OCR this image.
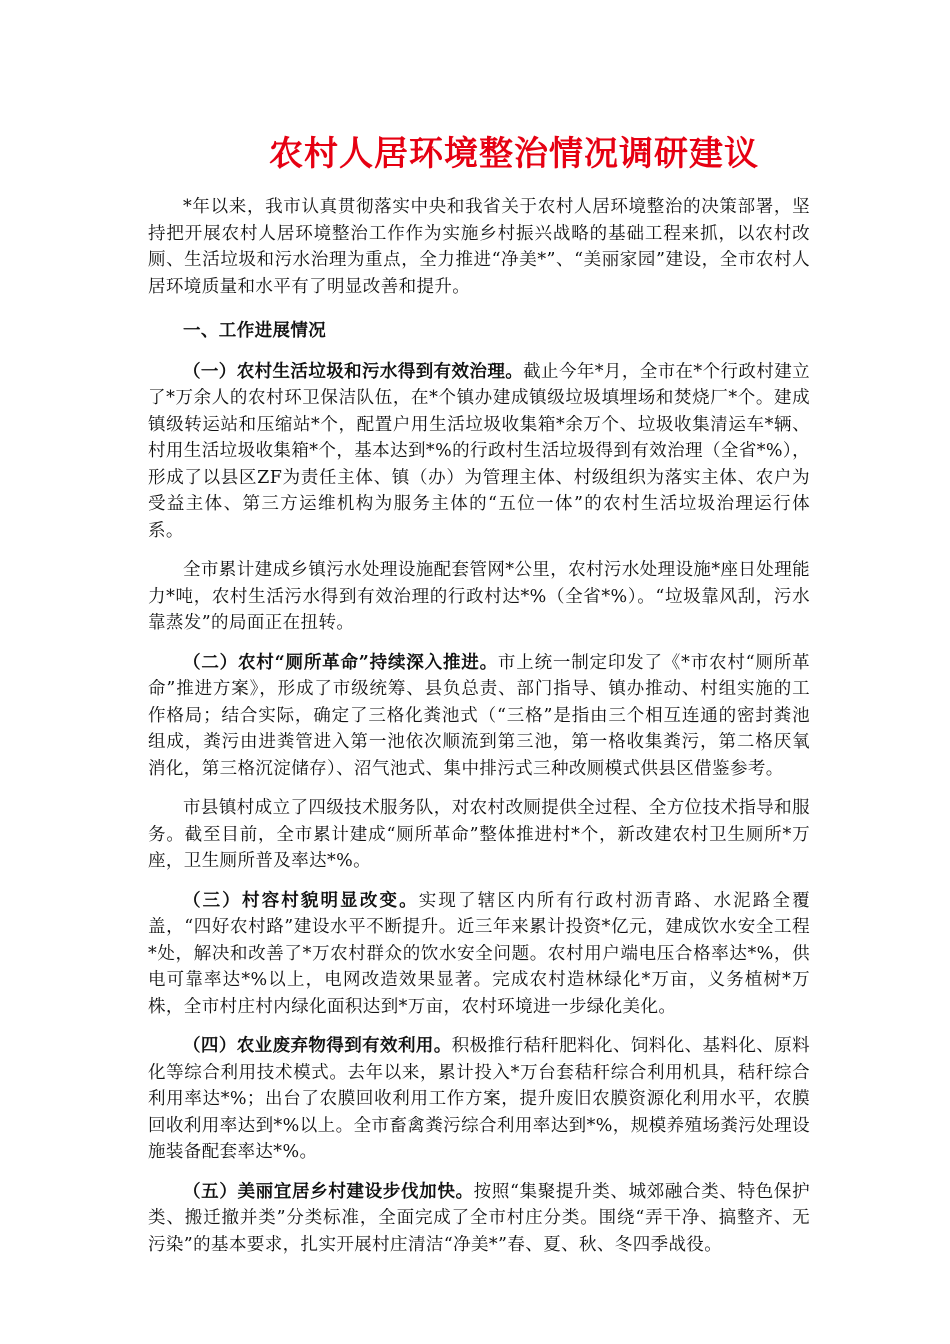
农村人居环境整治情况调研建议

*年以来，我市认真贯彻落实中央和我省关于农村人居环境整治的决策部署，坚持把开展农村人居环境整治工作作为实施乡村振兴战略的基础工程来抓，以农村改厕、生活垃圾和污水治理为重点，全力推进“净美*”、“美丽家园”建设，全市农村人居环境质量和水平有了明显改善和提升。

一、工作进展情况

（一）农村生活垃圾和污水得到有效治理。截止今年*月，全市在*个行政村建立了*万余人的农村环卫保洁队伍，在*个镇办建成镇级垃圾填埋场和焚烧厂*个。建成镇级转运站和压缩站*个，配置户用生活垃圾收集箱*余万个、垃圾收集清运车*辆、村用生活垃圾收集箱*个，基本达到*%的行政村生活垃圾得到有效治理（全省*%），形成了以县区ZF为责任主体、镇（办）为管理主体、村级组织为落实主体、农户为受益主体、第三方运维机构为服务主体的“五位一体”的农村生活垃圾治理运行体系。

全市累计建成乡镇污水处理设施配套管网*公里，农村污水处理设施*座日处理能力*吨，农村生活污水得到有效治理的行政村达*%（全省*%）。“垃圾靠风刮，污水靠蒸发”的局面正在扭转。

（二）农村“厕所革命”持续深入推进。市上统一制定印发了《*市农村“厕所革命”推进方案》，形成了市级统筹、县负总责、部门指导、镇办推动、村组实施的工作格局；结合实际，确定了三格化粪池式（“三格”是指由三个相互连通的密封粪池组成，粪污由进粪管进入第一池依次顺流到第三池，第一格收集粪污，第二格厌氧消化，第三格沉淀储存）、沼气池式、集中排污式三种改厕模式供县区借鉴参考。

市县镇村成立了四级技术服务队，对农村改厕提供全过程、全方位技术指导和服务。截至目前，全市累计建成“厕所革命”整体推进村*个，新改建农村卫生厕所*万座，卫生厕所普及率达*%。

（三）村容村貌明显改变。实现了辖区内所有行政村沥青路、水泥路全覆盖，“四好农村路”建设水平不断提升。近三年来累计投资*亿元，建成饮水安全工程*处，解决和改善了*万农村群众的饮水安全问题。农村用户端电压合格率达*%，供电可靠率达*%以上，电网改造效果显著。完成农村造林绿化*万亩，义务植树*万株，全市村庄村内绿化面积达到*万亩，农村环境进一步绿化美化。

（四）农业废弃物得到有效利用。积极推行秸秆肥料化、饲料化、基料化、原料化等综合利用技术模式。去年以来，累计投入*万台套秸秆综合利用机具，秸秆综合利用率达*%；出台了农膜回收利用工作方案，提升废旧农膜资源化利用水平，农膜回收利用率达到*%以上。全市畜禽粪污综合利用率达到*%，规模养殖场粪污处理设施装备配套率达*%。

（五）美丽宜居乡村建设步伐加快。按照“集聚提升类、城郊融合类、特色保护类、搬迁撤并类”分类标准，全面完成了全市村庄分类。围绕“弄干净、搞整齐、无污染”的基本要求，扎实开展村庄清洁“净美*”春、夏、秋、冬四季战役。
